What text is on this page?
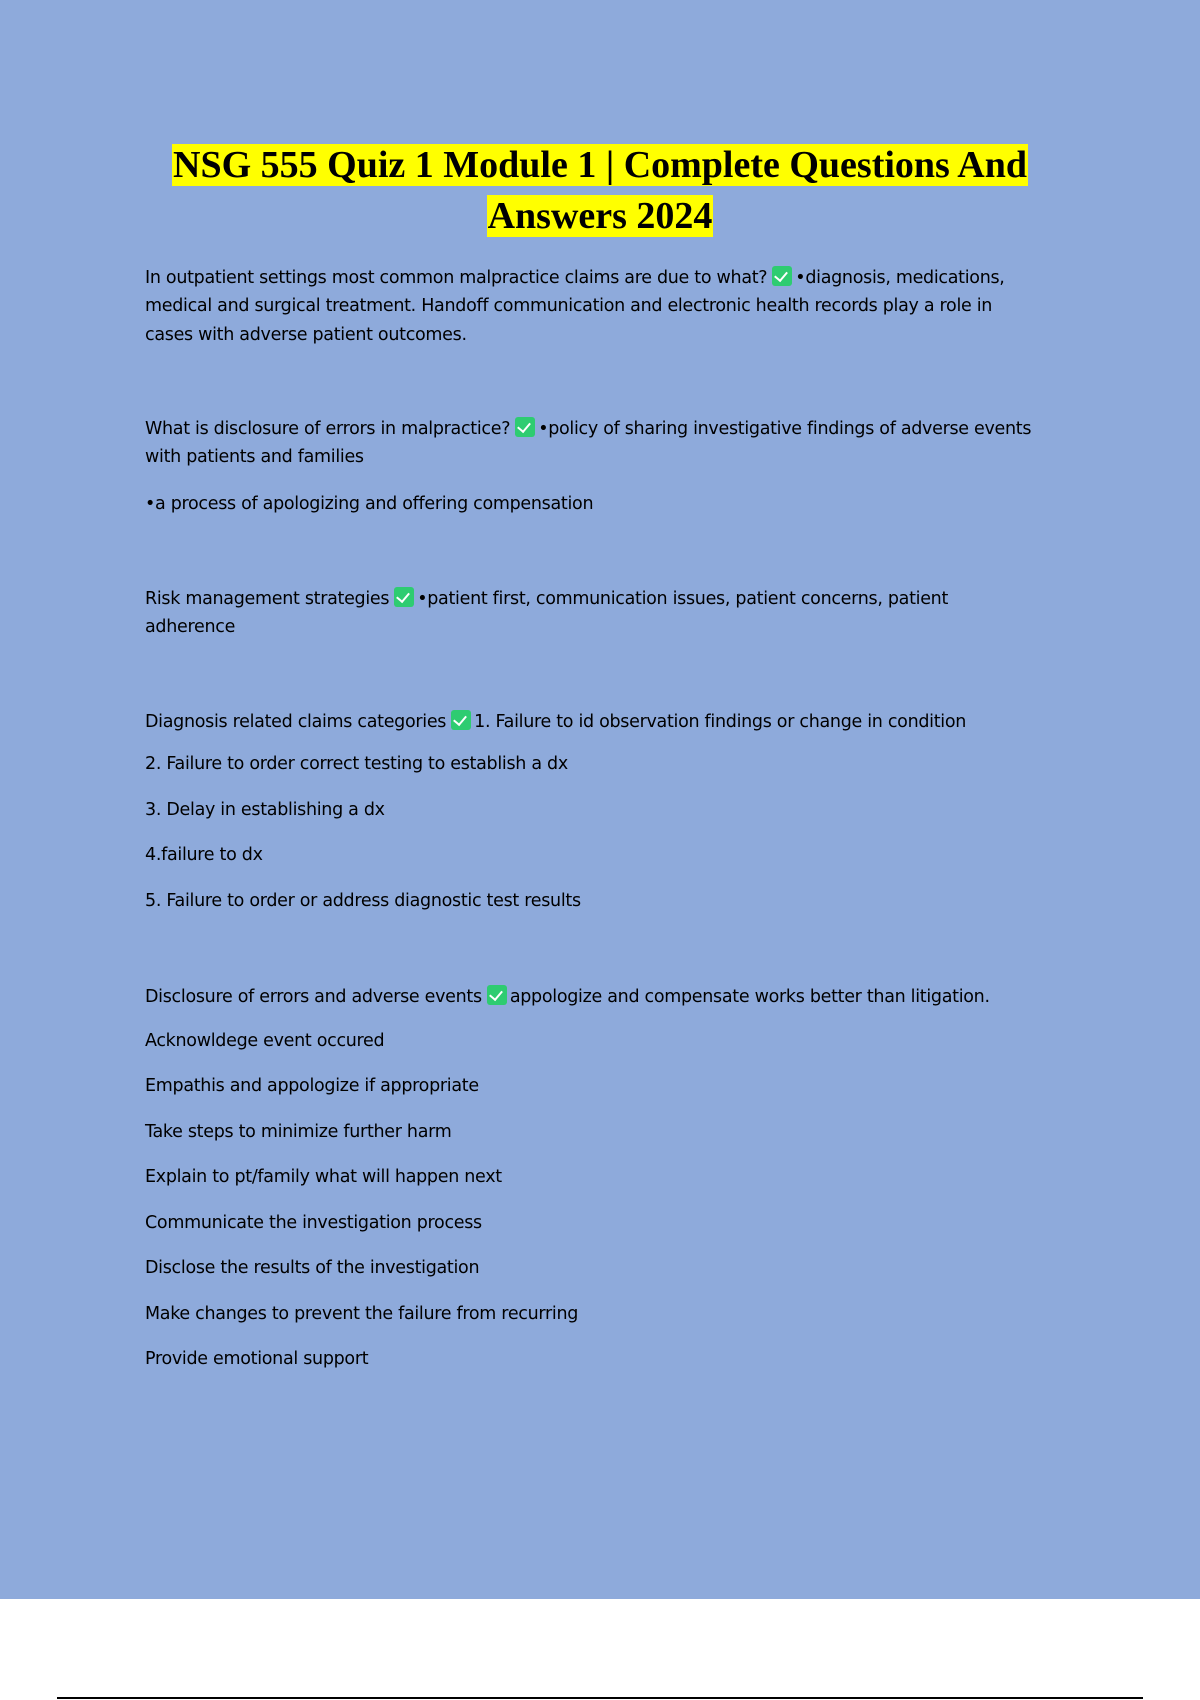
NSG 555 Quiz 1 Module 1 | Complete Questions And
Answers 2024
In outpatient settings most common malpractice claims are due to what? •diagnosis, medications,
medical and surgical treatment. Handoff communication and electronic health records play a role in
cases with adverse patient outcomes.
What is disclosure of errors in malpractice? •policy of sharing investigative findings of adverse events
with patients and families
•a process of apologizing and offering compensation
Risk management strategies •patient first, communication issues, patient concerns, patient
adherence
Diagnosis related claims categories 1. Failure to id observation findings or change in condition
2. Failure to order correct testing to establish a dx
3. Delay in establishing a dx
4.failure to dx
5. Failure to order or address diagnostic test results
Disclosure of errors and adverse events appologize and compensate works better than litigation.
Acknowldege event occured
Empathis and appologize if appropriate
Take steps to minimize further harm
Explain to pt/family what will happen next
Communicate the investigation process
Disclose the results of the investigation
Make changes to prevent the failure from recurring
Provide emotional support
